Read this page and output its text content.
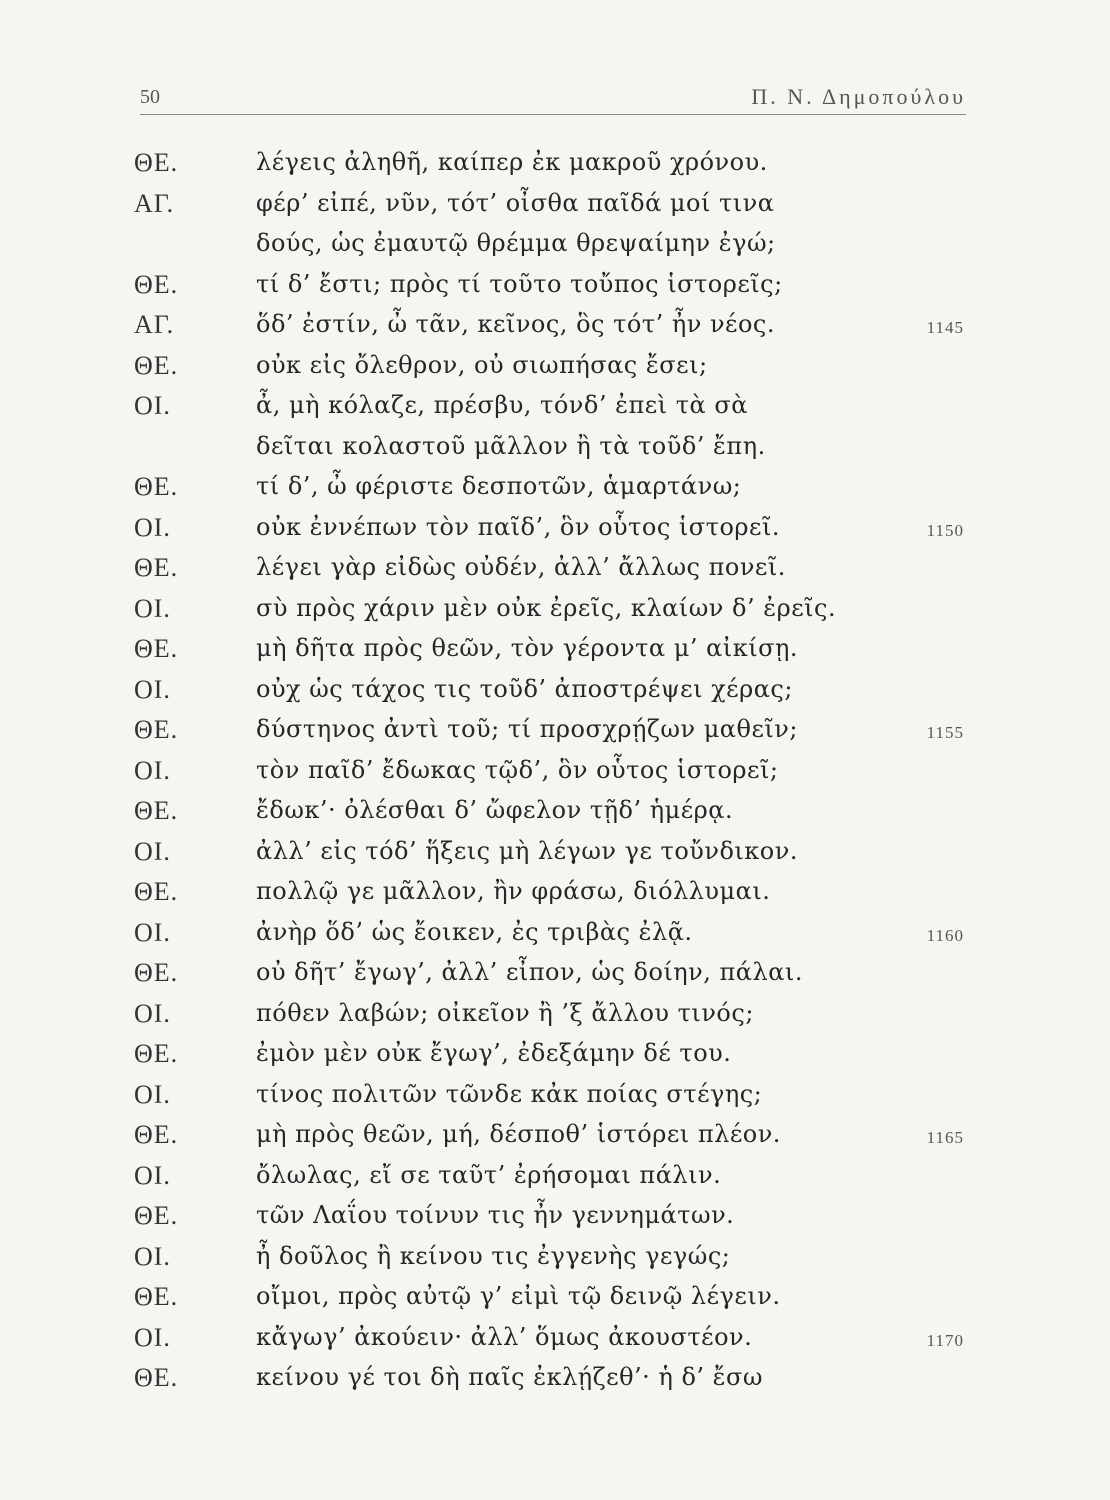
50	Π. Ν. Δημοπούλου
ΘΕ.	λέγεις ἀληθῆ, καίπερ ἐκ μακροῦ χρόνου.
ΑΓ.	φέρ’ εἰπέ, νῦν, τότ’ οἶσθα παῖδά μοί τινα
δούς, ὡς ἐμαυτῷ θρέμμα θρεψαίμην ἐγώ;
ΘΕ.	τί δ’ ἔστι; πρὸς τί τοῦτο τοὔπος ἱστορεῖς;
ΑΓ.	ὅδ’ ἐστίν, ὦ τᾶν, κεῖνος, ὃς τότ’ ἦν νέος.	1145
ΘΕ.	οὐκ εἰς ὄλεθρον, οὐ σιωπήσας ἔσει;
ΟΙ.	ἆ, μὴ κόλαζε, πρέσβυ, τόνδ’ ἐπεὶ τὰ σὰ
δεῖται κολαστοῦ μᾶλλον ἢ τὰ τοῦδ’ ἔπη.
ΘΕ.	τί δ’, ὦ φέριστε δεσποτῶν, ἁμαρτάνω;
ΟΙ.	οὐκ ἐννέπων τὸν παῖδ’, ὃν οὗτος ἱστορεῖ.	1150
ΘΕ.	λέγει γὰρ εἰδὼς οὐδέν, ἀλλ’ ἄλλως πονεῖ.
ΟΙ.	σὺ πρὸς χάριν μὲν οὐκ ἐρεῖς, κλαίων δ’ ἐρεῖς.
ΘΕ.	μὴ δῆτα πρὸς θεῶν, τὸν γέροντα μ’ αἰκίσῃ.
ΟΙ.	οὐχ ὡς τάχος τις τοῦδ’ ἀποστρέψει χέρας;
ΘΕ.	δύστηνος ἀντὶ τοῦ; τί προσχρῄζων μαθεῖν;	1155
ΟΙ.	τὸν παῖδ’ ἔδωκας τῷδ’, ὃν οὗτος ἱστορεῖ;
ΘΕ.	ἔδωκ’· ὀλέσθαι δ’ ὤφελον τῇδ’ ἡμέρᾳ.
ΟΙ.	ἀλλ’ εἰς τόδ’ ἥξεις μὴ λέγων γε τοὔνδικον.
ΘΕ.	πολλῷ γε μᾶλλον, ἢν φράσω, διόλλυμαι.
ΟΙ.	ἀνὴρ ὅδ’ ὡς ἔοικεν, ἐς τριβὰς ἐλᾷ.	1160
ΘΕ.	οὐ δῆτ’ ἔγωγ’, ἀλλ’ εἶπον, ὡς δοίην, πάλαι.
ΟΙ.	πόθεν λαβών; οἰκεῖον ἢ ’ξ ἄλλου τινός;
ΘΕ.	ἐμὸν μὲν οὐκ ἔγωγ’, ἐδεξάμην δέ του.
ΟΙ.	τίνος πολιτῶν τῶνδε κἀκ ποίας στέγης;
ΘΕ.	μὴ πρὸς θεῶν, μή, δέσποθ’ ἱστόρει πλέον.	1165
ΟΙ.	ὄλωλας, εἴ σε ταῦτ’ ἐρήσομαι πάλιν.
ΘΕ.	τῶν Λαΐου τοίνυν τις ἦν γεννημάτων.
ΟΙ.	ἦ δοῦλος ἢ κείνου τις ἐγγενὴς γεγώς;
ΘΕ.	οἴμοι, πρὸς αὐτῷ γ’ εἰμὶ τῷ δεινῷ λέγειν.
ΟΙ.	κἄγωγ’ ἀκούειν· ἀλλ’ ὅμως ἀκουστέον.	1170
ΘΕ.	κείνου γέ τοι δὴ παῖς ἐκλῄζεθ’· ἡ δ’ ἔσω
